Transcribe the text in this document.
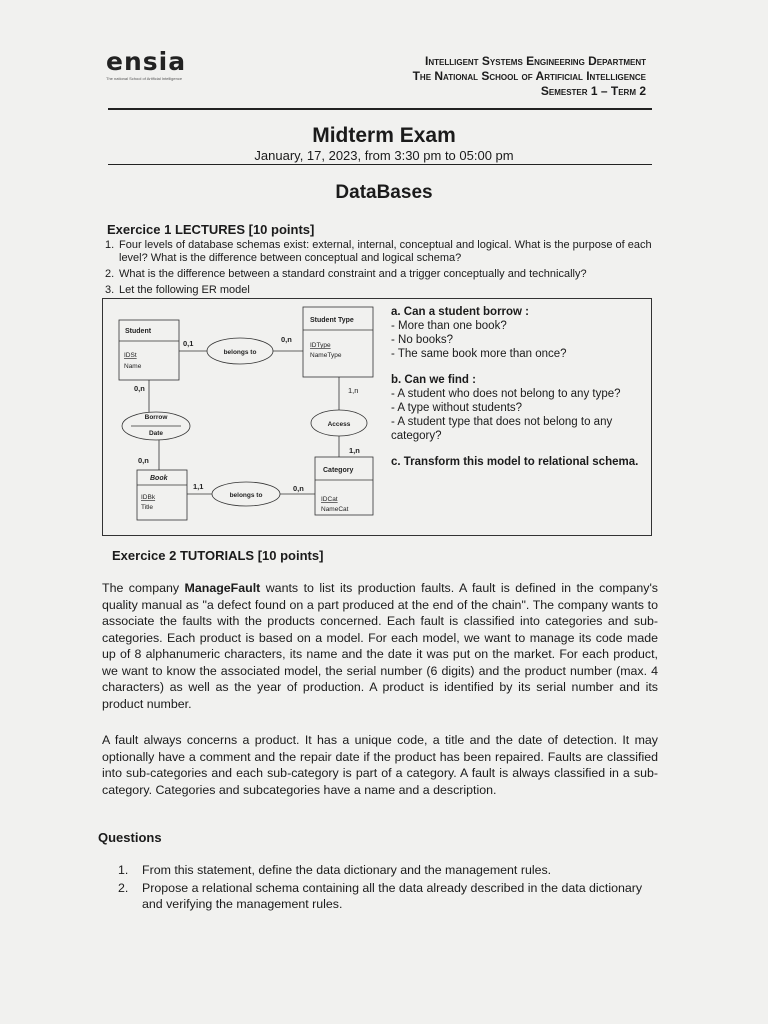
ensia
The national School of Artificial Intelligence
Intelligent Systems Engineering Department
The National School of Artificial Intelligence
Semester 1 – Term 2
Midterm Exam
January, 17, 2023, from 3:30 pm to 05:00 pm
DataBases
Exercice 1 LECTURES [10 points]
1. Four levels of database schemas exist: external, internal, conceptual and logical. What is the purpose of each level? What is the difference between conceptual and logical schema?
2. What is the difference between a standard constraint and a trigger conceptually and technically?
3. Let the following ER model
Student
IDSt
Name
Student Type
IDType
NameType
Book
IDBk
Title
Category
IDCat
NameCat
belongs to
Borrow
Date
Access
belongs to
0,1	0,n
0,n
0,n
1,n
1,n
1,1	0,n
a. Can a student borrow :
- More than one book?
- No books?
- The same book more than once?
b. Can we find :
- A student who does not belong to any type?
- A type without students?
- A student type that does not belong to any category?
c. Transform this model to relational schema.
Exercice 2 TUTORIALS [10 points]
The company ManageFault wants to list its production faults. A fault is defined in the company's quality manual as "a defect found on a part produced at the end of the chain". The company wants to associate the faults with the products concerned. Each fault is classified into categories and sub-categories. Each product is based on a model. For each model, we want to manage its code made up of 8 alphanumeric characters, its name and the date it was put on the market. For each product, we want to know the associated model, the serial number (6 digits) and the product number (max. 4 characters) as well as the year of production. A product is identified by its serial number and its product number.
A fault always concerns a product. It has a unique code, a title and the date of detection. It may optionally have a comment and the repair date if the product has been repaired. Faults are classified into sub-categories and each sub-category is part of a category. A fault is always classified in a sub-category. Categories and subcategories have a name and a description.
Questions
1. From this statement, define the data dictionary and the management rules.
2. Propose a relational schema containing all the data already described in the data dictionary and verifying the management rules.
